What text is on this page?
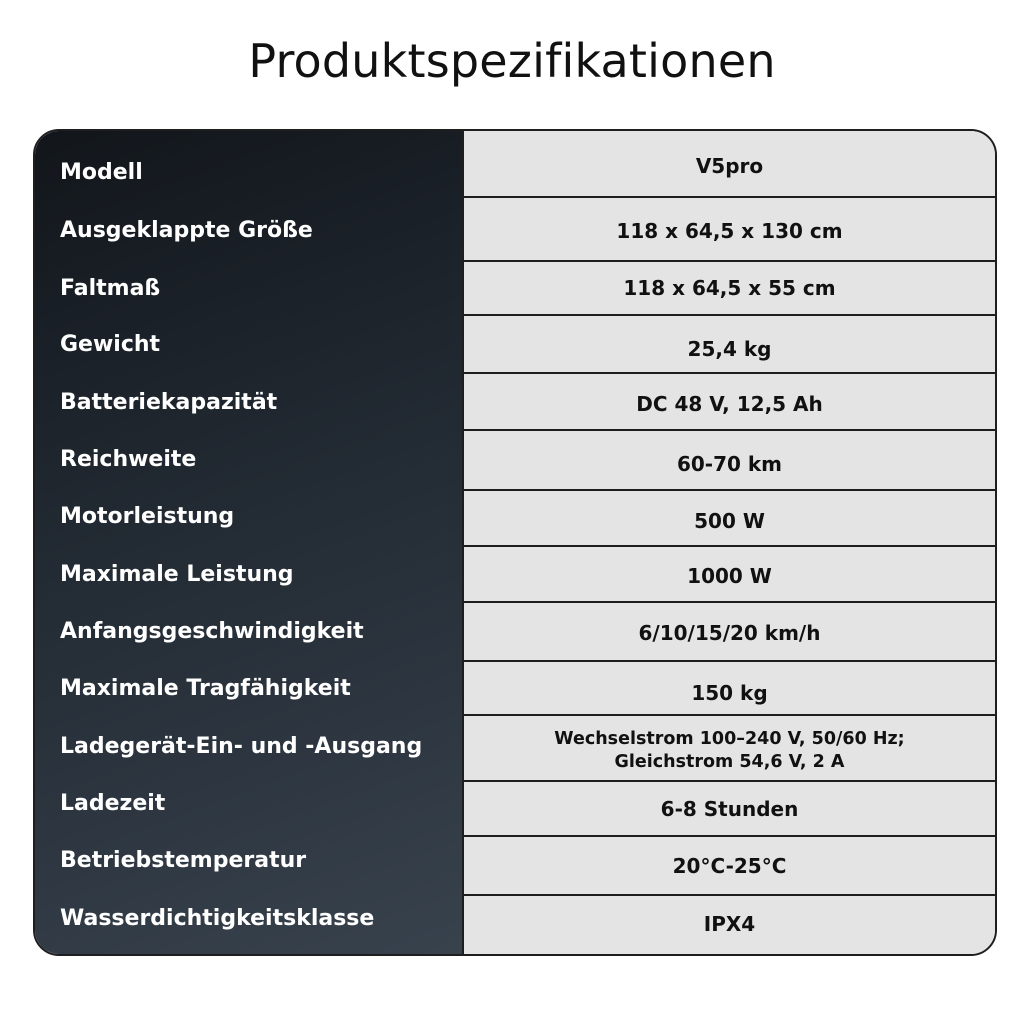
Produktspezifikationen
Modell
Ausgeklappte Größe
Faltmaß
Gewicht
Batteriekapazität
Reichweite
Motorleistung
Maximale Leistung
Anfangsgeschwindigkeit
Maximale Tragfähigkeit
Ladegerät-Ein- und -Ausgang
Ladezeit
Betriebstemperatur
Wasserdichtigkeitsklasse
V5pro
118 x 64,5 x 130 cm
118 x 64,5 x 55 cm
25,4 kg
DC 48 V, 12,5 Ah
60-70 km
500 W
1000 W
6/10/15/20 km/h
150 kg
Wechselstrom 100–240 V, 50/60 Hz;
Gleichstrom 54,6 V, 2 A
6-8 Stunden
20°C-25°C
IPX4
